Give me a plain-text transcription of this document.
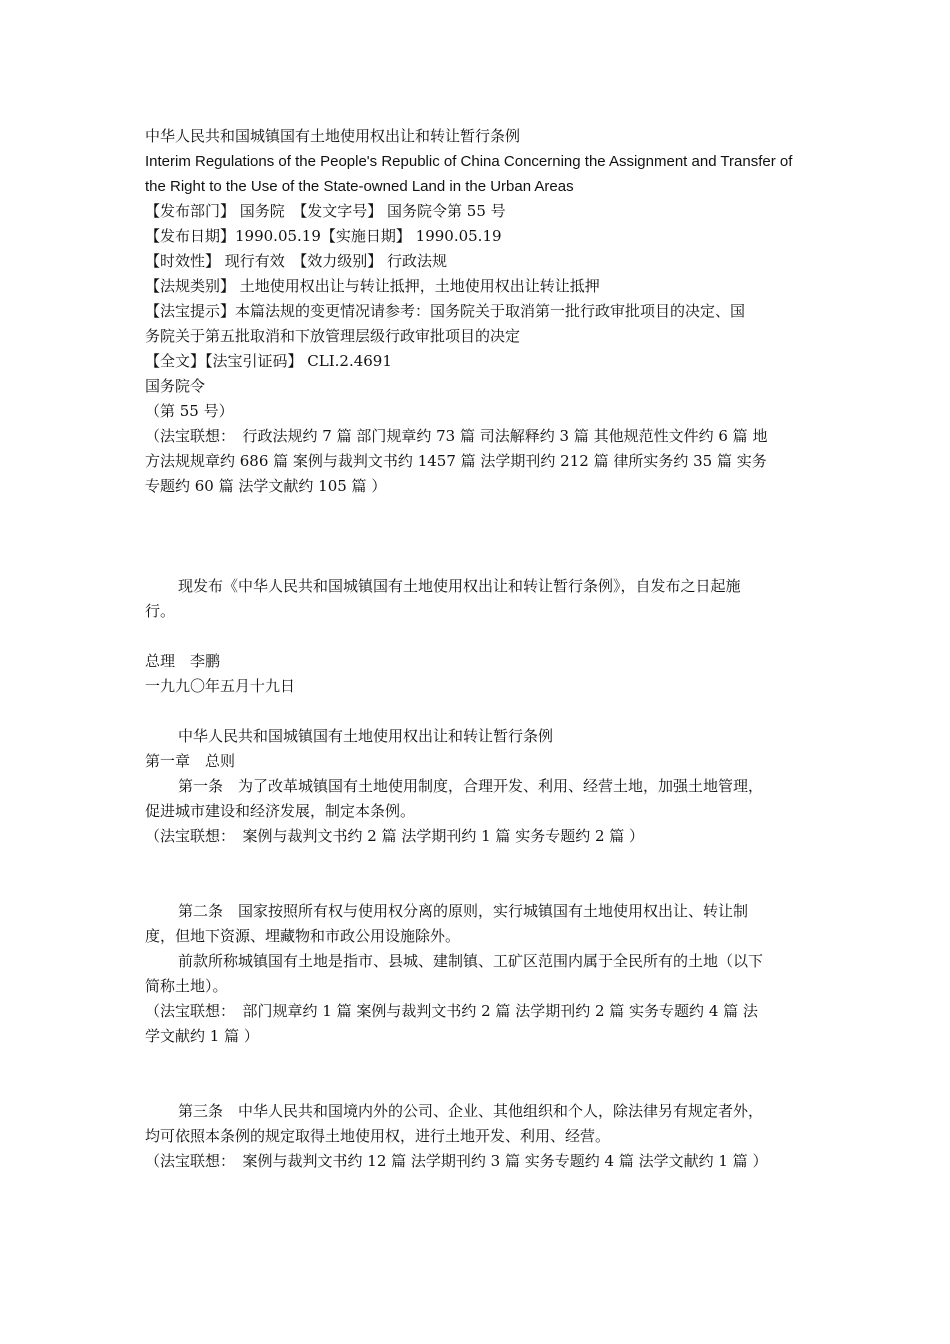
中华人民共和国城镇国有土地使用权出让和转让暂行条例
Interim Regulations of the People's Republic of China Concerning the Assignment and Transfer of
the Right to the Use of the State-owned Land in the Urban Areas
【发布部门】 国务院　【发文字号】 国务院令第 55 号
【发布日期】1990.05.19【实施日期】 1990.05.19
【时效性】 现行有效　【效力级别】 行政法规
【法规类别】 土地使用权出让与转让抵押，土地使用权出让转让抵押
【法宝提示】本篇法规的变更情况请参考：国务院关于取消第一批行政审批项目的决定、国
务院关于第五批取消和下放管理层级行政审批项目的决定
【全文】【法宝引证码】 CLI.2.4691
国务院令
（第 55 号）
（法宝联想：　行政法规约 7 篇 部门规章约 73 篇 司法解释约 3 篇 其他规范性文件约 6 篇 地
方法规规章约 686 篇 案例与裁判文书约 1457 篇 法学期刊约 212 篇 律所实务约 35 篇 实务
专题约 60 篇 法学文献约 105 篇 ）
现发布《中华人民共和国城镇国有土地使用权出让和转让暂行条例》，自发布之日起施
行。
总理　李鹏
一九九〇年五月十九日
中华人民共和国城镇国有土地使用权出让和转让暂行条例
第一章　总则
第一条　为了改革城镇国有土地使用制度，合理开发、利用、经营土地，加强土地管理，
促进城市建设和经济发展，制定本条例。
（法宝联想：　案例与裁判文书约 2 篇 法学期刊约 1 篇 实务专题约 2 篇 ）
第二条　国家按照所有权与使用权分离的原则，实行城镇国有土地使用权出让、转让制
度，但地下资源、埋藏物和市政公用设施除外。
前款所称城镇国有土地是指市、县城、建制镇、工矿区范围内属于全民所有的土地（以下
简称土地）。
（法宝联想：　部门规章约 1 篇 案例与裁判文书约 2 篇 法学期刊约 2 篇 实务专题约 4 篇 法
学文献约 1 篇 ）
第三条　中华人民共和国境内外的公司、企业、其他组织和个人，除法律另有规定者外，
均可依照本条例的规定取得土地使用权，进行土地开发、利用、经营。
（法宝联想：　案例与裁判文书约 12 篇 法学期刊约 3 篇 实务专题约 4 篇 法学文献约 1 篇 ）
